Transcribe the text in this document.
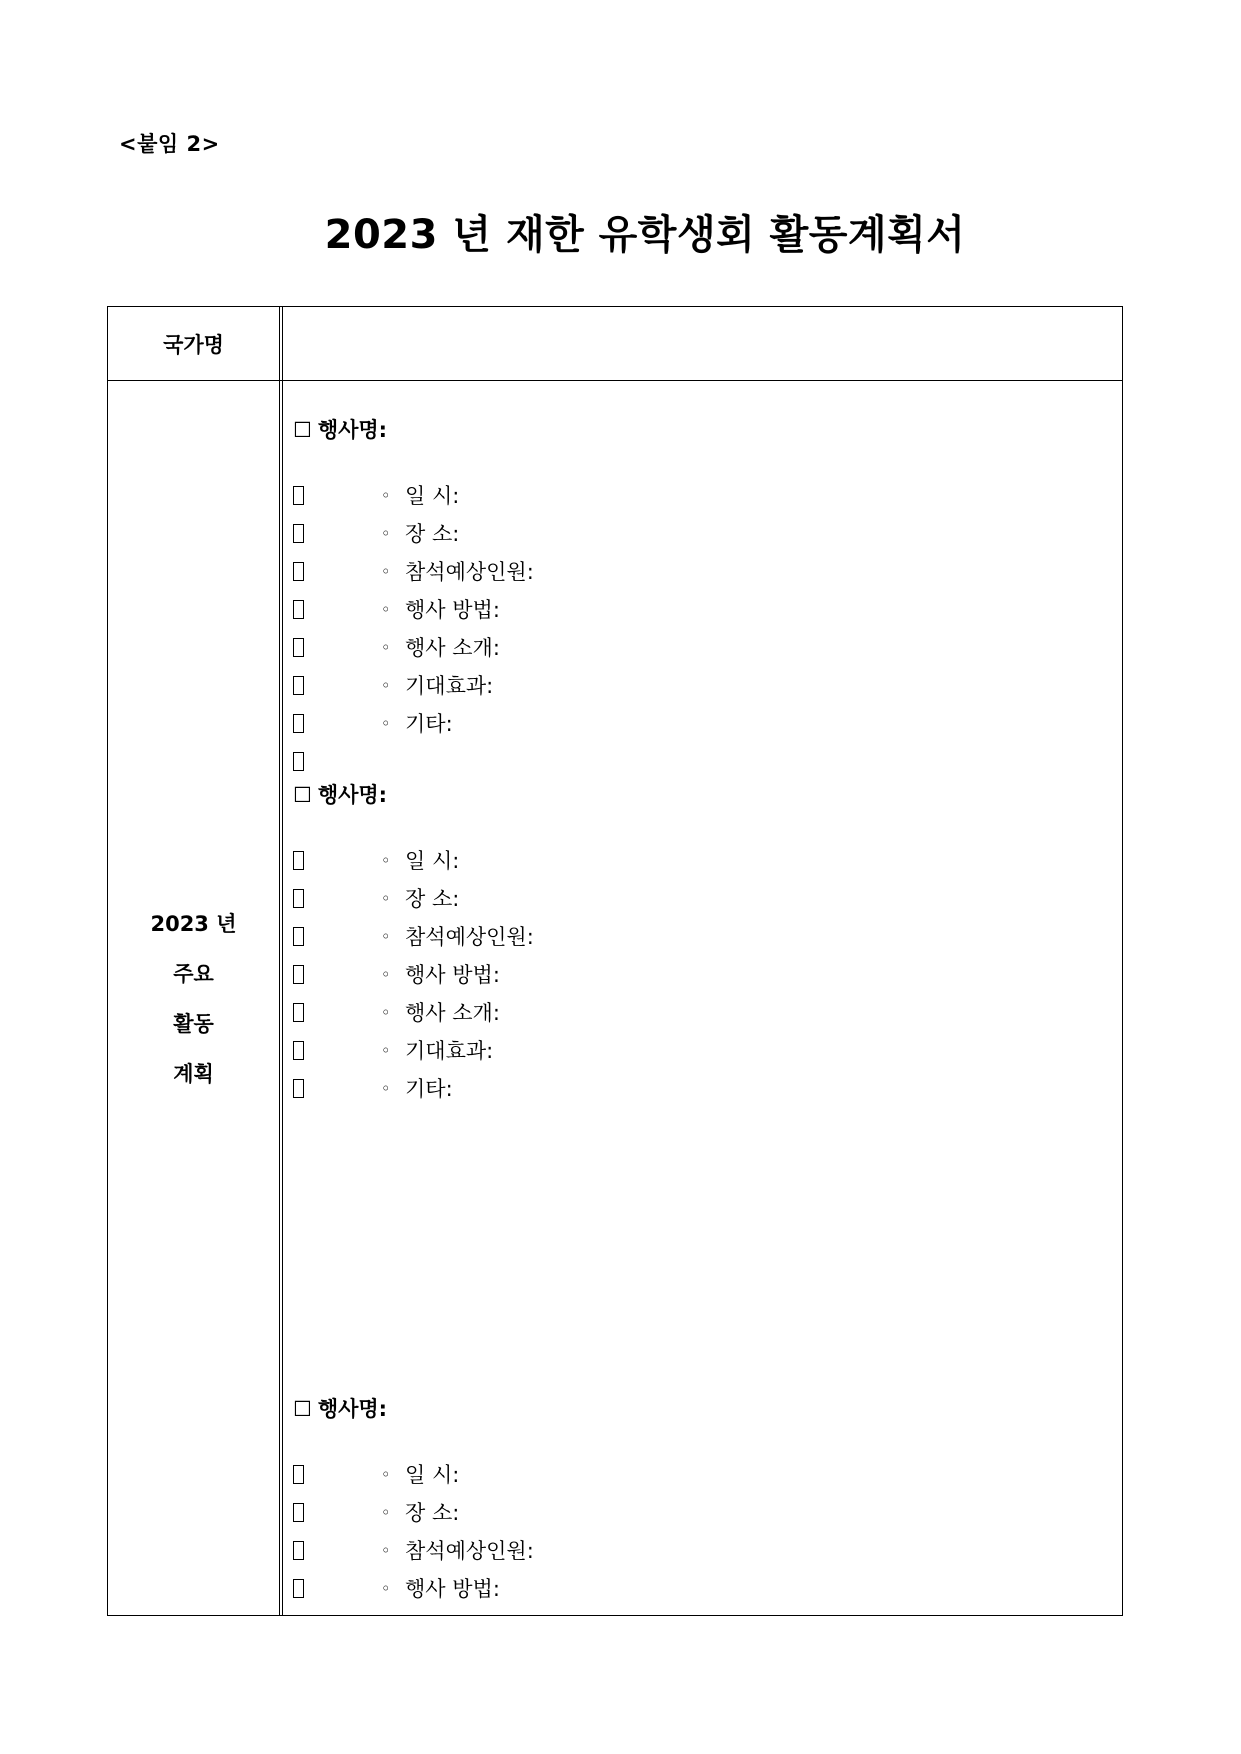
<붙임 2>
2023 년 재한 유학생회 활동계획서
국가명
2023 년
주요
활동
계획
☐ 행사명:
◦ 일 시:
◦ 장 소:
◦ 참석예상인원:
◦ 행사 방법:
◦ 행사 소개:
◦ 기대효과:
◦ 기타:
☐ 행사명:
◦ 일 시:
◦ 장 소:
◦ 참석예상인원:
◦ 행사 방법:
◦ 행사 소개:
◦ 기대효과:
◦ 기타:
☐ 행사명:
◦ 일 시:
◦ 장 소:
◦ 참석예상인원:
◦ 행사 방법:
